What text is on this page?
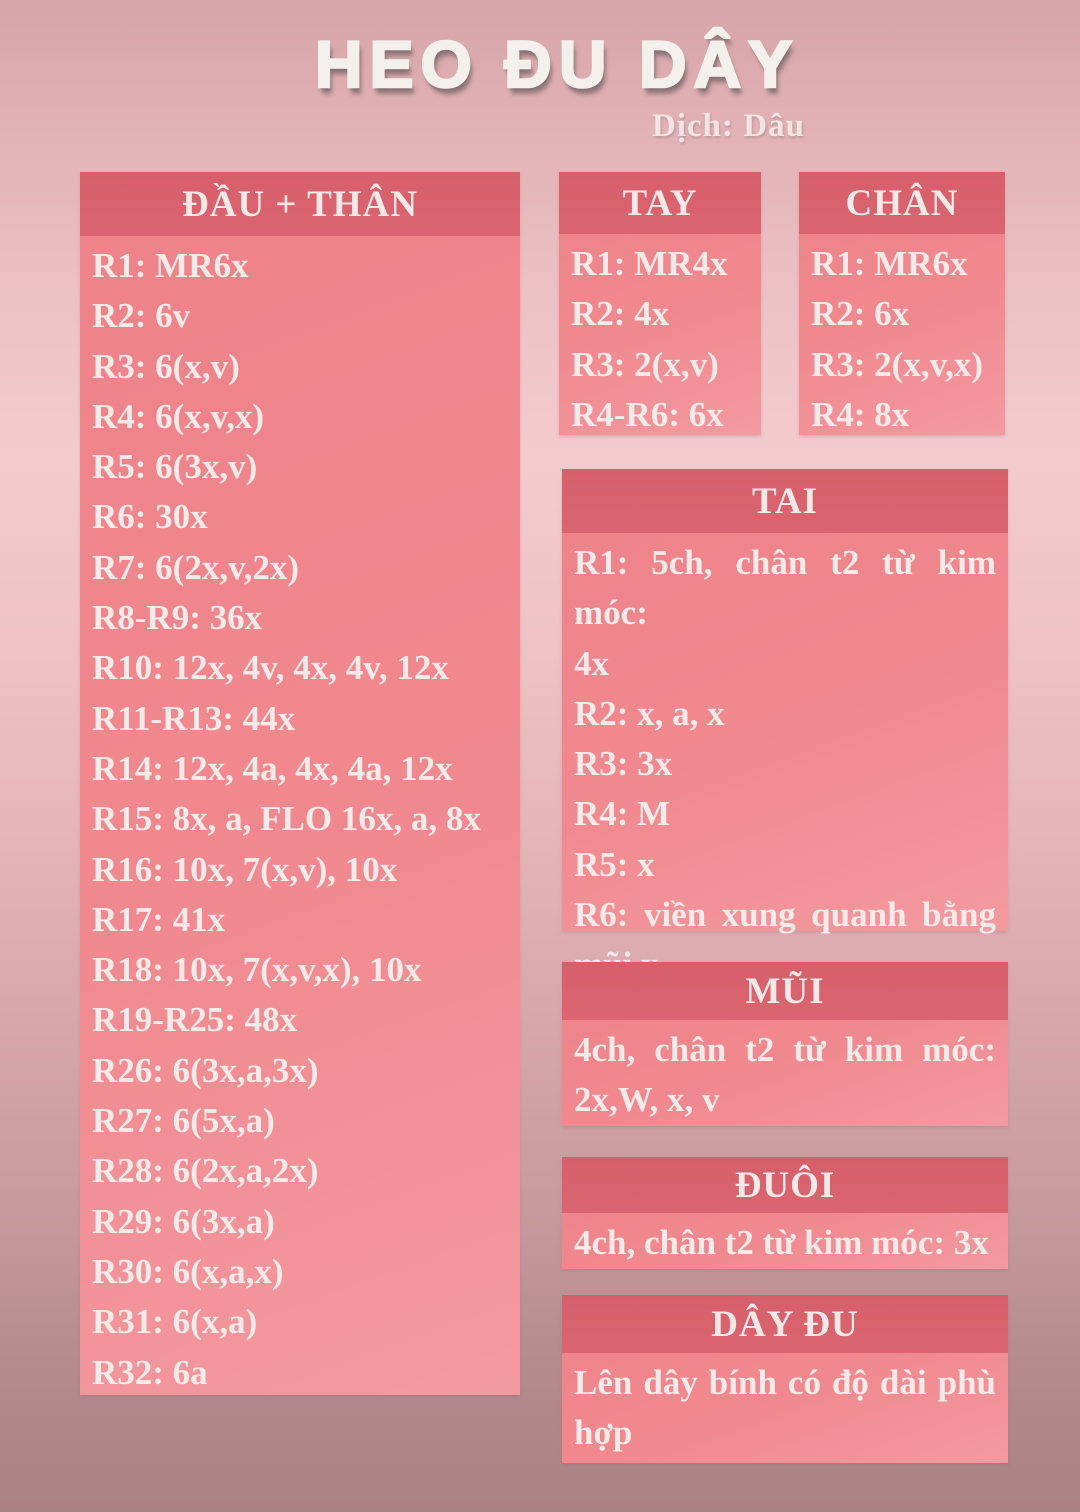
HEO ĐU DÂY
Dịch: Dâu
ĐẦU + THÂN
R1: MR6x
R2: 6v
R3: 6(x,v)
R4: 6(x,v,x)
R5: 6(3x,v)
R6: 30x
R7: 6(2x,v,2x)
R8-R9: 36x
R10: 12x, 4v, 4x, 4v, 12x
R11-R13: 44x
R14: 12x, 4a, 4x, 4a, 12x
R15: 8x, a, FLO 16x, a, 8x
R16: 10x, 7(x,v), 10x
R17: 41x
R18: 10x, 7(x,v,x), 10x
R19-R25: 48x
R26: 6(3x,a,3x)
R27: 6(5x,a)
R28: 6(2x,a,2x)
R29: 6(3x,a)
R30: 6(x,a,x)
R31: 6(x,a)
R32: 6a
TAY
R1: MR4x
R2: 4x
R3: 2(x,v)
R4-R6: 6x
CHÂN
R1: MR6x
R2: 6x
R3: 2(x,v,x)
R4: 8x
TAI
R1: 5ch, chân t2 từ kim móc:
4x
R2: x, a, x
R3: 3x
R4: M
R5: x
R6: viền xung quanh bằng
MŨI
4ch, chân t2 từ kim móc:
2x,W, x, v
ĐUÔI
4ch, chân t2 từ kim móc: 3x
DÂY ĐU
Lên dây bính có độ dài phù
hợp
